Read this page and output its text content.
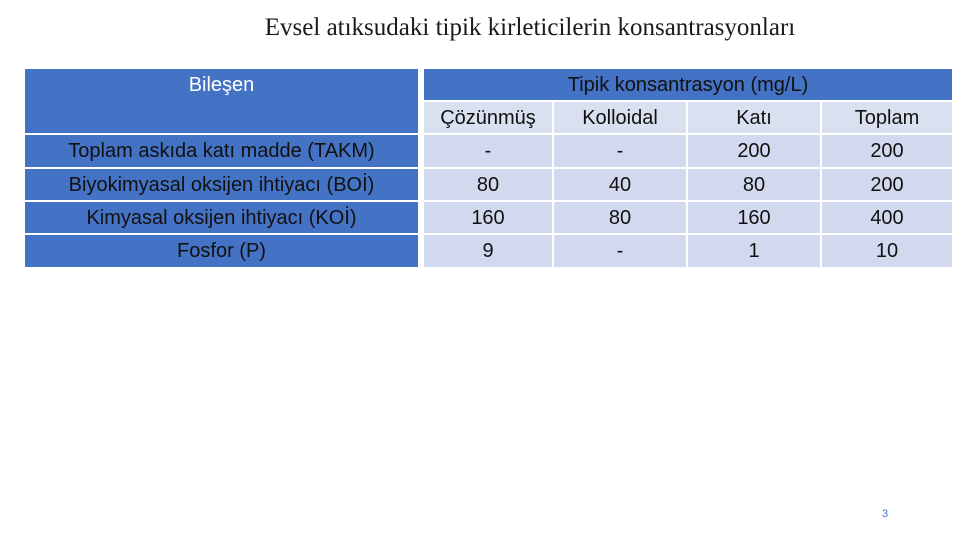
Evsel atıksudaki tipik kirleticilerin konsantrasyonları
Bileşen		Tipik konsantrasyon (mg/L)			
		Çözünmüş	Kolloidal	Katı	Toplam
Toplam askıda katı madde (TAKM)		-	-	200	200
Biyokimyasal oksijen ihtiyacı (BOİ)		80	40	80	200
Kimyasal oksijen ihtiyacı (KOİ)		160	80	160	400
Fosfor (P)		9	-	1	10
3
